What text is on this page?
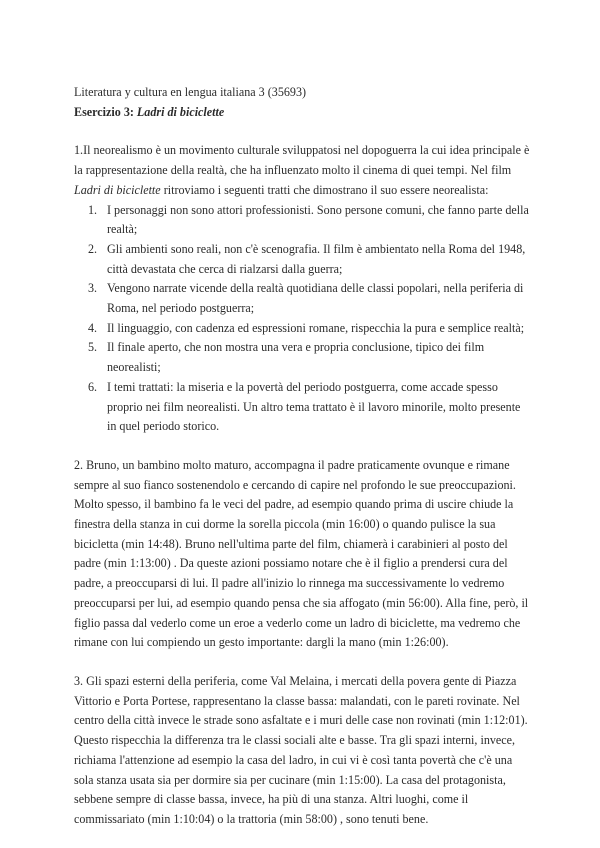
Literatura y cultura en lengua italiana 3 (35693)

Esercizio 3: Ladri di biciclette

1.Il neorealismo è un movimento culturale sviluppatosi nel dopoguerra la cui idea principale è la rappresentazione della realtà, che ha influenzato molto il cinema di quei tempi. Nel film Ladri di biciclette ritroviamo i seguenti tratti che dimostrano il suo essere neorealista:

1. I personaggi non sono attori professionisti. Sono persone comuni, che fanno parte della realtà;
2. Gli ambienti sono reali, non c'è scenografia. Il film è ambientato nella Roma del 1948, città devastata che cerca di rialzarsi dalla guerra;
3. Vengono narrate vicende della realtà quotidiana delle classi popolari, nella periferia di Roma, nel periodo postguerra;
4. Il linguaggio, con cadenza ed espressioni romane, rispecchia la pura e semplice realtà;
5. Il finale aperto, che non mostra una vera e propria conclusione, tipico dei film neorealisti;
6. I temi trattati: la miseria e la povertà del periodo postguerra, come accade spesso proprio nei film neorealisti. Un altro tema trattato è il lavoro minorile, molto presente in quel periodo storico.

2. Bruno, un bambino molto maturo, accompagna il padre praticamente ovunque e rimane sempre al suo fianco sostenendolo e cercando di capire nel profondo le sue preoccupazioni. Molto spesso, il bambino fa le veci del padre, ad esempio quando prima di uscire chiude la finestra della stanza in cui dorme la sorella piccola (min 16:00) o quando pulisce la sua bicicletta (min 14:48). Bruno nell'ultima parte del film, chiamerà i carabinieri al posto del padre (min 1:13:00) . Da queste azioni possiamo notare che è il figlio a prendersi cura del padre, a preoccuparsi di lui. Il padre all'inizio lo rinnega ma successivamente lo vedremo preoccuparsi per lui, ad esempio quando pensa che sia affogato (min 56:00). Alla fine, però, il figlio passa dal vederlo come un eroe a vederlo come un ladro di biciclette, ma vedremo che rimane con lui compiendo un gesto importante: dargli la mano (min 1:26:00).

3. Gli spazi esterni della periferia, come Val Melaina, i mercati della povera gente di Piazza Vittorio e Porta Portese, rappresentano la classe bassa: malandati, con le pareti rovinate. Nel centro della città invece le strade sono asfaltate e i muri delle case non rovinati (min 1:12:01). Questo rispecchia la differenza tra le classi sociali alte e basse. Tra gli spazi interni, invece, richiama l'attenzione ad esempio la casa del ladro, in cui vi è così tanta povertà che c'è una sola stanza usata sia per dormire sia per cucinare (min 1:15:00). La casa del protagonista, sebbene sempre di classe bassa, invece, ha più di una stanza. Altri luoghi, come il commissariato (min 1:10:04) o la trattoria (min 58:00) , sono tenuti bene.
